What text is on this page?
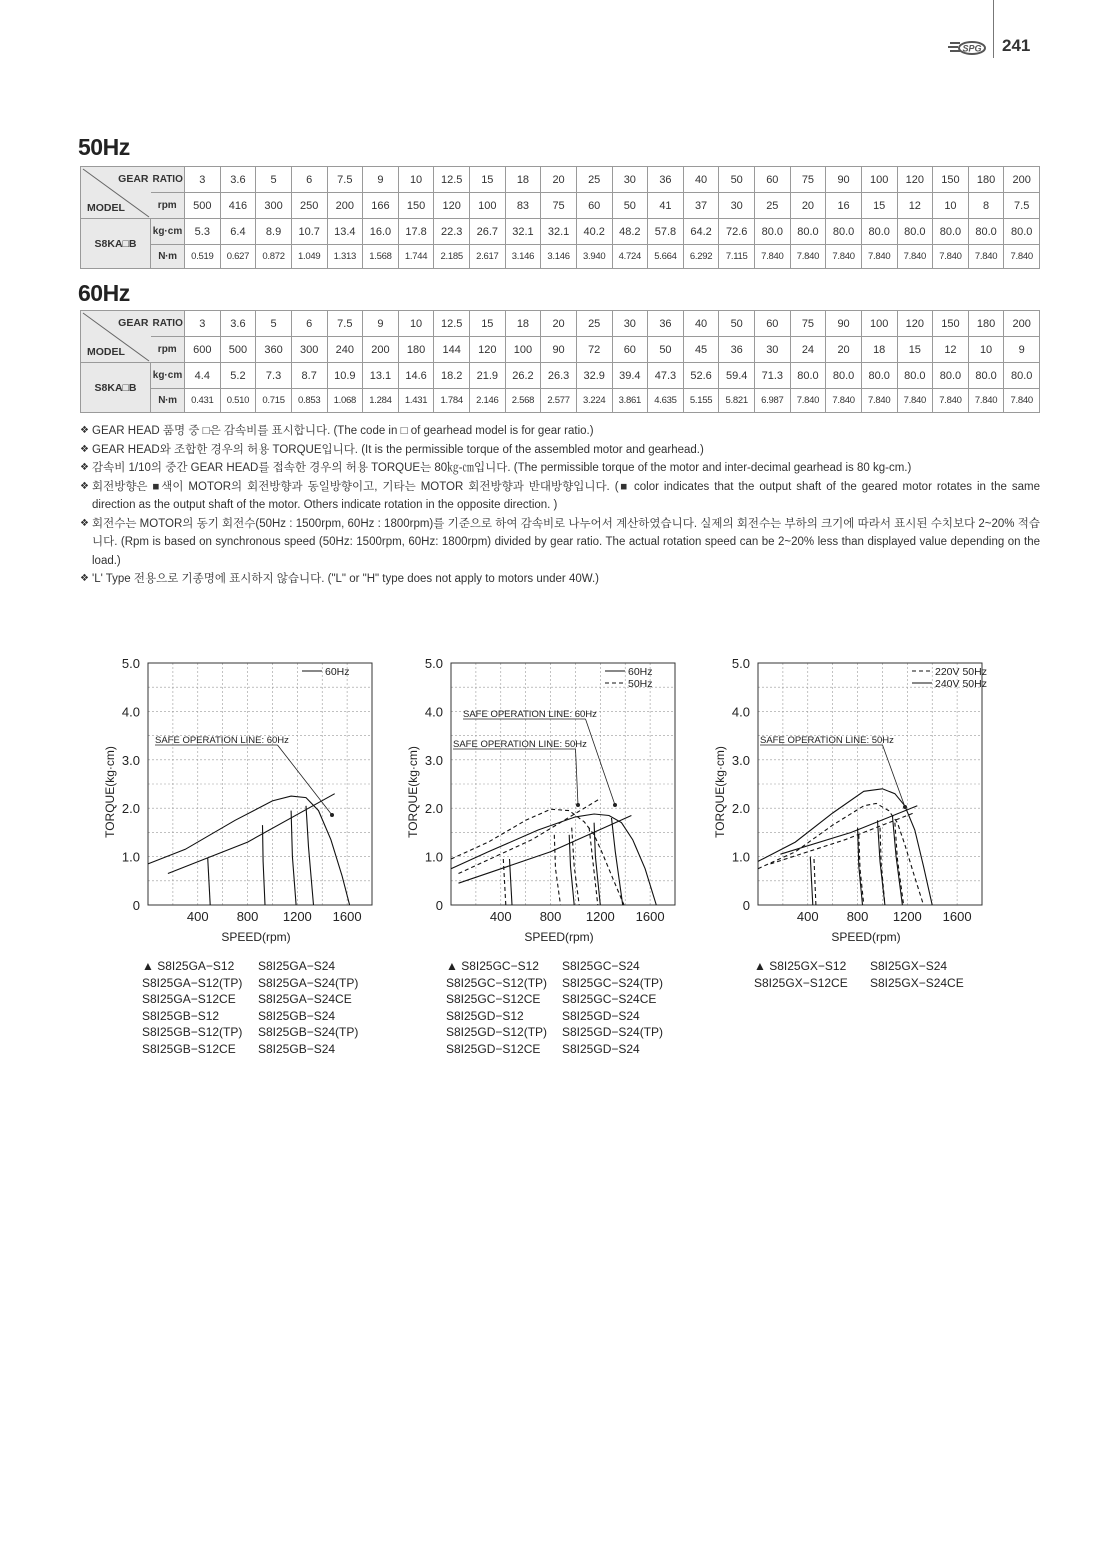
SPG 241
50Hz
GEAR
MODEL	RATIO	3	3.6	5	6	7.5	9	10	12.5	15	18	20	25	30	36	40	50	60	75	90	100	120	150	180	200
	rpm	500	416	300	250	200	166	150	120	100	83	75	60	50	41	37	30	25	20	16	15	12	10	8	7.5
S8KA□B	kg·cm	5.3	6.4	8.9	10.7	13.4	16.0	17.8	22.3	26.7	32.1	32.1	40.2	48.2	57.8	64.2	72.6	80.0	80.0	80.0	80.0	80.0	80.0	80.0	80.0
	N·m	0.519	0.627	0.872	1.049	1.313	1.568	1.744	2.185	2.617	3.146	3.146	3.940	4.724	5.664	6.292	7.115	7.840	7.840	7.840	7.840	7.840	7.840	7.840	7.840
60Hz
GEAR
MODEL	RATIO	3	3.6	5	6	7.5	9	10	12.5	15	18	20	25	30	36	40	50	60	75	90	100	120	150	180	200
	rpm	600	500	360	300	240	200	180	144	120	100	90	72	60	50	45	36	30	24	20	18	15	12	10	9
S8KA□B	kg·cm	4.4	5.2	7.3	8.7	10.9	13.1	14.6	18.2	21.9	26.2	26.3	32.9	39.4	47.3	52.6	59.4	71.3	80.0	80.0	80.0	80.0	80.0	80.0	80.0
	N·m	0.431	0.510	0.715	0.853	1.068	1.284	1.431	1.784	2.146	2.568	2.577	3.224	3.861	4.635	5.155	5.821	6.987	7.840	7.840	7.840	7.840	7.840	7.840	7.840
❖ GEAR HEAD 품명 중 □은 감속비를 표시합니다. (The code in □ of gearhead model is for gear ratio.)
❖ GEAR HEAD와 조합한 경우의 허용 TORQUE입니다. (It is the permissible torque of the assembled motor and gearhead.)
❖ 감속비 1/10의 중간 GEAR HEAD를 접속한 경우의 허용 TORQUE는 80㎏-㎝입니다. (The permissible torque of the motor and inter-decimal gearhead is 80 kg-cm.)
❖ 회전방향은 ■색이 MOTOR의 회전방향과 동일방향이고, 기타는 MOTOR 회전방향과 반대방향입니다. (■ color indicates that the output shaft of the geared motor rotates in the same direction as the output shaft of the motor. Others indicate rotation in the opposite direction. )
❖ 회전수는 MOTOR의 동기 회전수(50Hz : 1500rpm, 60Hz : 1800rpm)를 기준으로 하여 감속비로 나누어서 계산하였습니다. 실제의 회전수는 부하의 크기에 따라서 표시된 수치보다 2~20% 적습니다. (Rpm is based on synchronous speed (50Hz: 1500rpm, 60Hz: 1800rpm) divided by gear ratio. The actual rotation speed can be 2~20% less than displayed value depending on the load.)
❖ 'L' Type 전용으로 기종명에 표시하지 않습니다. ("L" or "H" type does not apply to motors under 40W.)
0
1.0
2.0
3.0
4.0
5.0
400 800 1200 1600
SPEED(rpm)
TORQUE(kg·cm)
60Hz
SAFE OPERATION LINE: 60Hz
0
1.0
2.0
3.0
4.0
5.0
400 800 1200 1600
SPEED(rpm)
TORQUE(kg·cm)
60Hz
50Hz
SAFE OPERATION LINE: 60Hz
SAFE OPERATION LINE: 50Hz
0
1.0
2.0
3.0
4.0
5.0
400 800 1200 1600
SPEED(rpm)
TORQUE(kg·cm)
220V 50Hz
240V 50Hz
SAFE OPERATION LINE: 50Hz
▲ S8I25GA−S12
S8I25GA−S12(TP)
S8I25GA−S12CE
S8I25GB−S12
S8I25GB−S12(TP)
S8I25GB−S12CE
S8I25GA−S24
S8I25GA−S24(TP)
S8I25GA−S24CE
S8I25GB−S24
S8I25GB−S24(TP)
S8I25GB−S24
▲ S8I25GC−S12
S8I25GC−S12(TP)
S8I25GC−S12CE
S8I25GD−S12
S8I25GD−S12(TP)
S8I25GD−S12CE
S8I25GC−S24
S8I25GC−S24(TP)
S8I25GC−S24CE
S8I25GD−S24
S8I25GD−S24(TP)
S8I25GD−S24
▲ S8I25GX−S12
S8I25GX−S12CE
S8I25GX−S24
S8I25GX−S24CE
